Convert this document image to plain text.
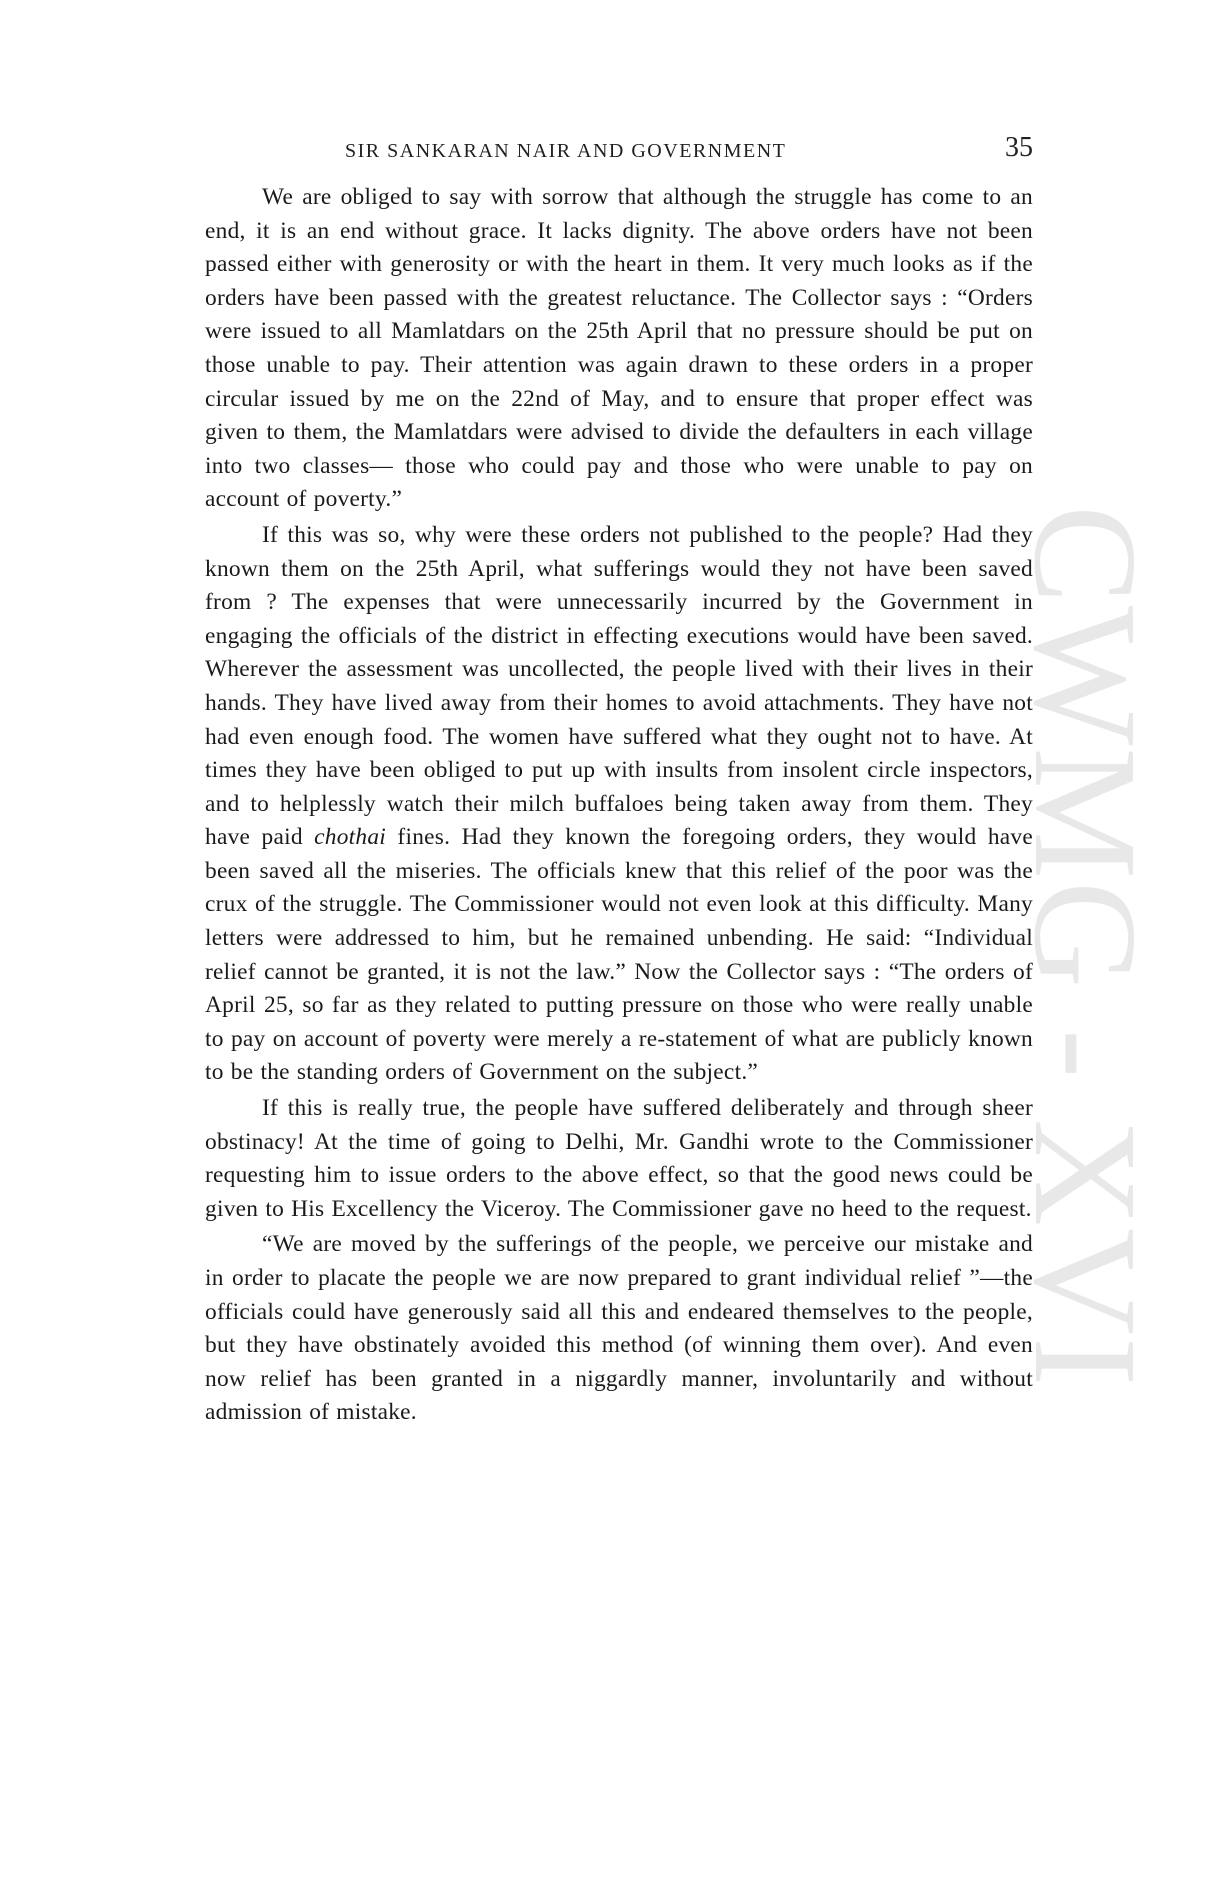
CWMG - XVI
SIR SANKARAN NAIR AND GOVERNMENT	35

We are obliged to say with sorrow that although the struggle has come to an end, it is an end without grace. It lacks dignity. The above orders have not been passed either with generosity or with the heart in them. It very much looks as if the orders have been passed with the greatest reluctance. The Collector says : “Orders were issued to all Mamlatdars on the 25th April that no pressure should be put on those unable to pay. Their attention was again drawn to these orders in a proper circular issued by me on the 22nd of May, and to ensure that proper effect was given to them, the Mamlatdars were advised to divide the defaulters in each village into two classes— those who could pay and those who were unable to pay on account of poverty.”

If this was so, why were these orders not published to the people? Had they known them on the 25th April, what sufferings would they not have been saved from ? The expenses that were unnecessarily incurred by the Government in engaging the officials of the district in effecting executions would have been saved. Wherever the assessment was uncollected, the people lived with their lives in their hands. They have lived away from their homes to avoid attachments. They have not had even enough food. The women have suffered what they ought not to have. At times they have been obliged to put up with insults from insolent circle inspectors, and to helplessly watch their milch buffaloes being taken away from them. They have paid chothai fines. Had they known the foregoing orders, they would have been saved all the miseries. The officials knew that this relief of the poor was the crux of the struggle. The Commissioner would not even look at this difficulty. Many letters were addressed to him, but he remained unbending. He said: “Individual relief cannot be granted, it is not the law.” Now the Collector says : “The orders of April 25, so far as they related to putting pressure on those who were really unable to pay on account of poverty were merely a re-statement of what are publicly known to be the standing orders of Government on the subject.”

If this is really true, the people have suffered deliberately and through sheer obstinacy! At the time of going to Delhi, Mr. Gandhi wrote to the Commissioner requesting him to issue orders to the above effect, so that the good news could be given to His Excellency the Viceroy. The Commissioner gave no heed to the request.

“We are moved by the sufferings of the people, we perceive our mistake and in order to placate the people we are now prepared to grant individual relief ”—the officials could have generously said all this and endeared themselves to the people, but they have obstinately avoided this method (of winning them over). And even now relief has been granted in a niggardly manner, involuntarily and without admission of mistake.
